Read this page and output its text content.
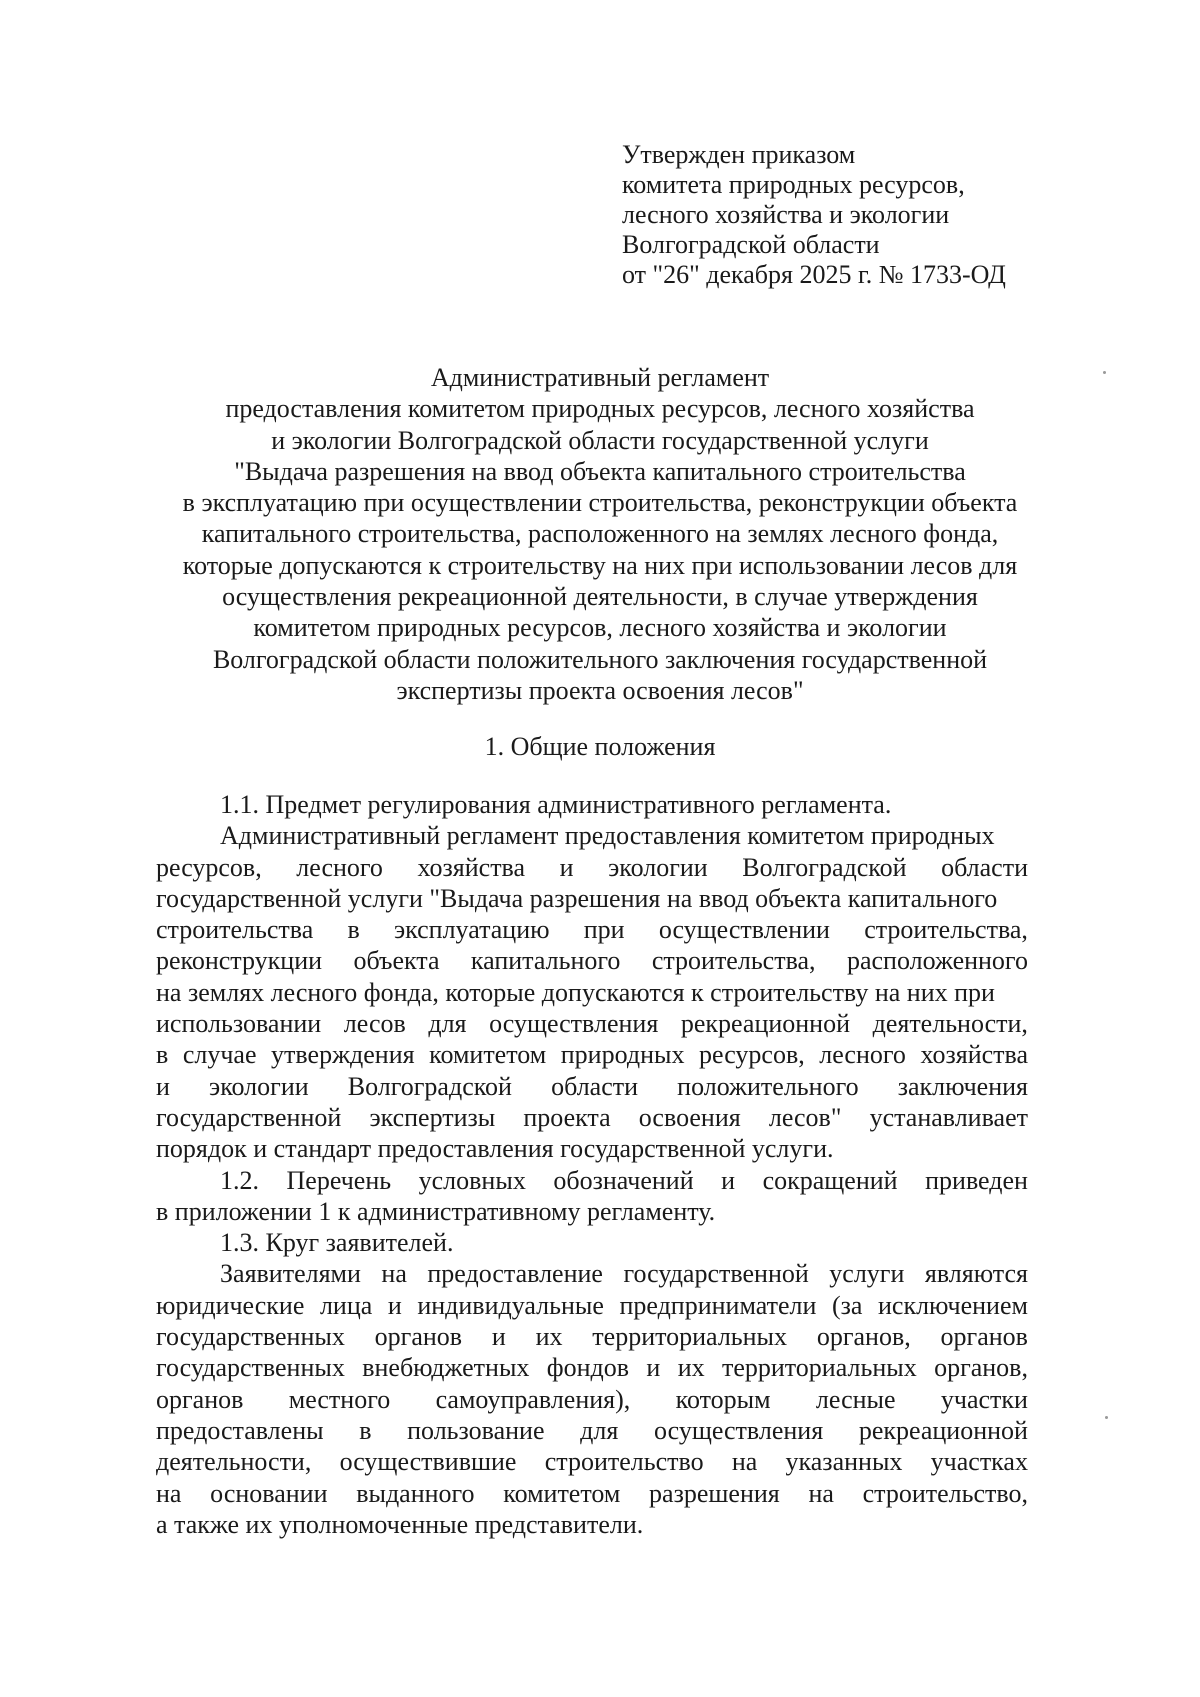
Утвержден приказом
комитета природных ресурсов,
лесного хозяйства и экологии
Волгоградской области
от "26" декабря 2025 г. № 1733-ОД
Административный регламент
предоставления комитетом природных ресурсов, лесного хозяйства
и экологии Волгоградской области государственной услуги
"Выдача разрешения на ввод объекта капитального строительства
в эксплуатацию при осуществлении строительства, реконструкции объекта
капитального строительства, расположенного на землях лесного фонда,
которые допускаются к строительству на них при использовании лесов для
осуществления рекреационной деятельности, в случае утверждения
комитетом природных ресурсов, лесного хозяйства и экологии
Волгоградской области положительного заключения государственной
экспертизы проекта освоения лесов"
1. Общие положения
1.1. Предмет регулирования административного регламента.
Административный регламент предоставления комитетом природных
ресурсов, лесного хозяйства и экологии Волгоградской области
государственной услуги "Выдача разрешения на ввод объекта капитального
строительства в эксплуатацию при осуществлении строительства,
реконструкции объекта капитального строительства, расположенного
на землях лесного фонда, которые допускаются к строительству на них при
использовании лесов для осуществления рекреационной деятельности,
в случае утверждения комитетом природных ресурсов, лесного хозяйства
и экологии Волгоградской области положительного заключения
государственной экспертизы проекта освоения лесов" устанавливает
порядок и стандарт предоставления государственной услуги.
1.2. Перечень условных обозначений и сокращений приведен
в приложении 1 к административному регламенту.
1.3. Круг заявителей.
Заявителями на предоставление государственной услуги являются
юридические лица и индивидуальные предприниматели (за исключением
государственных органов и их территориальных органов, органов
государственных внебюджетных фондов и их территориальных органов,
органов местного самоуправления), которым лесные участки
предоставлены в пользование для осуществления рекреационной
деятельности, осуществившие строительство на указанных участках
на основании выданного комитетом разрешения на строительство,
а также их уполномоченные представители.
